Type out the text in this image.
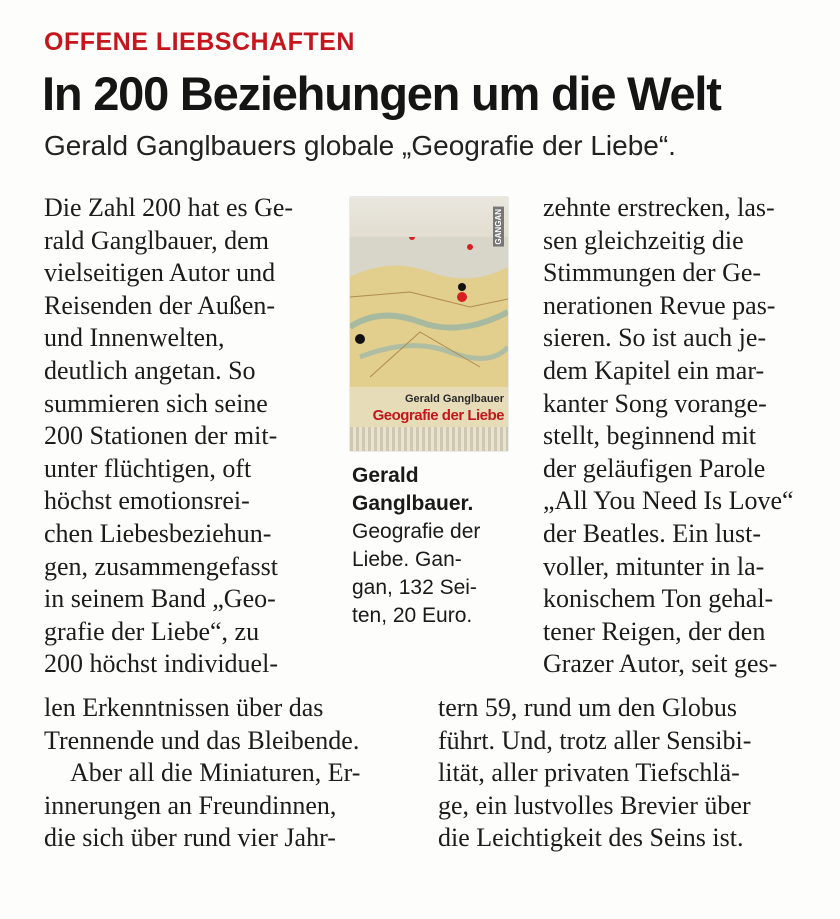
OFFENE LIEBSCHAFTEN
In 200 Beziehungen um die Welt
Gerald Ganglbauers globale „Geografie der Liebe“.
Die Zahl 200 hat es Ge-
rald Ganglbauer, dem
vielseitigen Autor und
Reisenden der Außen-
und Innenwelten,
deutlich angetan. So
summieren sich seine
200 Stationen der mit-
unter flüchtigen, oft
höchst emotionsrei-
chen Liebesbeziehun-
gen, zusammengefasst
in seinem Band „Geo-
grafie der Liebe“, zu
200 höchst individuel-
GANGAN
Gerald Ganglbauer
Geografie der Liebe
Gerald
Ganglbauer.
Geografie der
Liebe. Gan-
gan, 132 Sei-
ten, 20 Euro.
zehnte erstrecken, las-
sen gleichzeitig die
Stimmungen der Ge-
nerationen Revue pas-
sieren. So ist auch je-
dem Kapitel ein mar-
kanter Song vorange-
stellt, beginnend mit
der geläufigen Parole
„All You Need Is Love“
der Beatles. Ein lust-
voller, mitunter in la-
konischem Ton gehal-
tener Reigen, der den
Grazer Autor, seit ges-
len Erkenntnissen über das
Trennende und das Bleibende.
Aber all die Miniaturen, Er-
innerungen an Freundinnen,
die sich über rund vier Jahr-
tern 59, rund um den Globus
führt. Und, trotz aller Sensibi-
lität, aller privaten Tiefschlä-
ge, ein lustvolles Brevier über
die Leichtigkeit des Seins ist.
